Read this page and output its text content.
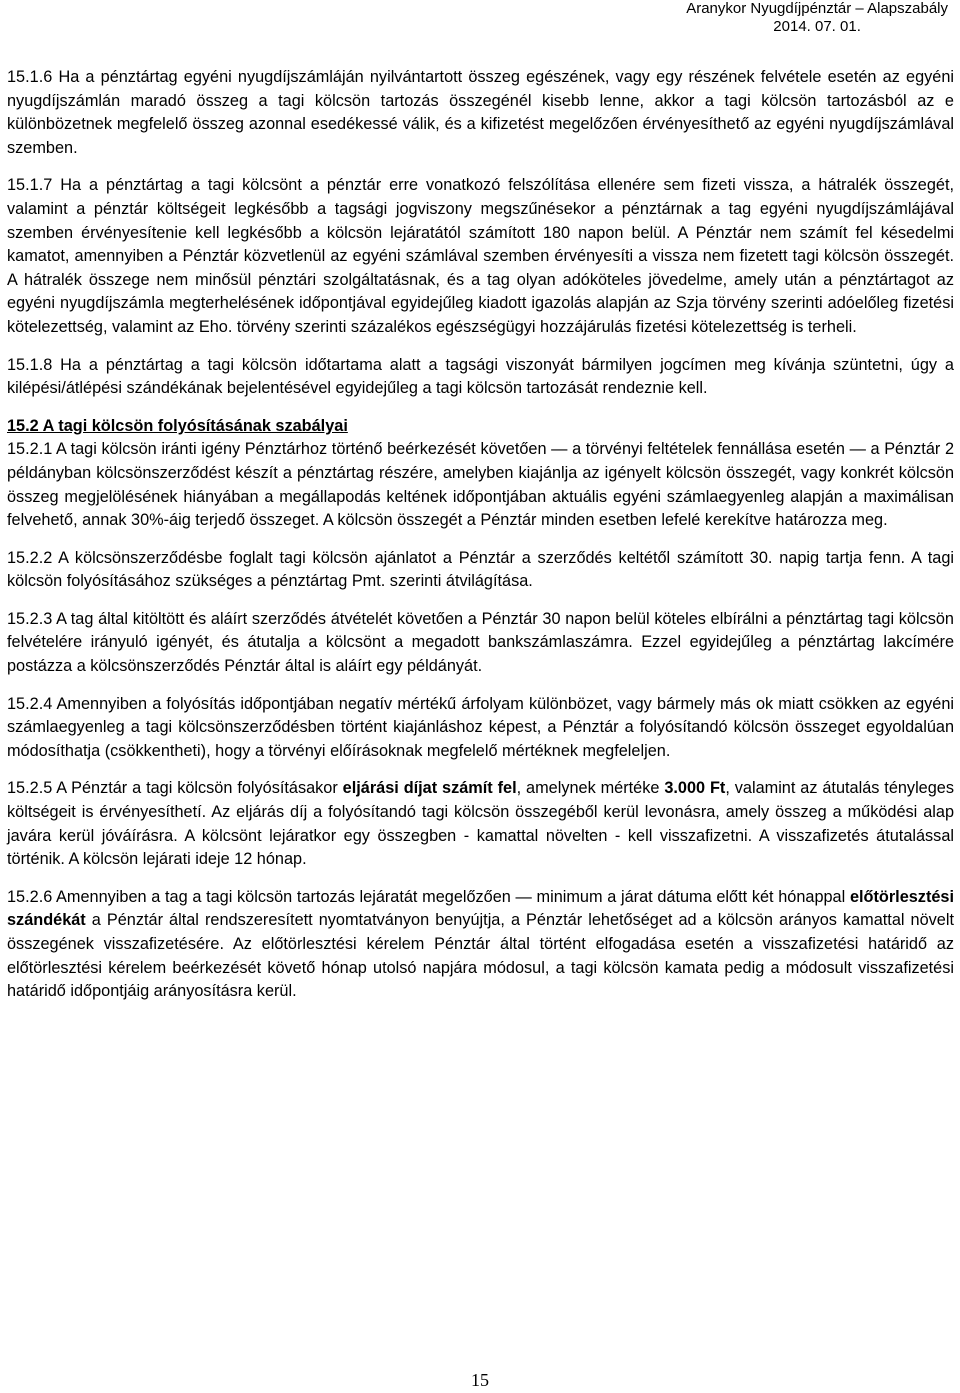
Aranykor Nyugdíjpénztár – Alapszabály
2014. 07. 01.

15.1.6 Ha a pénztártag egyéni nyugdíjszámláján nyilvántartott összeg egészének, vagy egy részének felvétele esetén az egyéni nyugdíjszámlán maradó összeg a tagi kölcsön tartozás összegénél kisebb lenne, akkor a tagi kölcsön tartozásból az e különbözetnek megfelelő összeg azonnal esedékessé válik, és a kifizetést megelőzően érvényesíthető az egyéni nyugdíjszámlával szemben.

15.1.7 Ha a pénztártag a tagi kölcsönt a pénztár erre vonatkozó felszólítása ellenére sem fizeti vissza, a hátralék összegét, valamint a pénztár költségeit legkésőbb a tagsági jogviszony megszűnésekor a pénztárnak a tag egyéni nyugdíjszámlájával szemben érvényesítenie kell legkésőbb a kölcsön lejáratától számított 180 napon belül. A Pénztár nem számít fel késedelmi kamatot, amennyiben a Pénztár közvetlenül az egyéni számlával szemben érvényesíti a vissza nem fizetett tagi kölcsön összegét. A hátralék összege nem minősül pénztári szolgáltatásnak, és a tag olyan adóköteles jövedelme, amely után a pénztártagot az egyéni nyugdíjszámla megterhelésének időpontjával egyidejűleg kiadott igazolás alapján az Szja törvény szerinti adóelőleg fizetési kötelezettség, valamint az Eho. törvény szerinti százalékos egészségügyi hozzájárulás fizetési kötelezettség is terheli.

15.1.8 Ha a pénztártag a tagi kölcsön időtartama alatt a tagsági viszonyát bármilyen jogcímen meg kívánja szüntetni, úgy a kilépési/átlépési szándékának bejelentésével egyidejűleg a tagi kölcsön tartozását rendeznie kell.

15.2 A tagi kölcsön folyósításának szabályai

15.2.1 A tagi kölcsön iránti igény Pénztárhoz történő beérkezését követően — a törvényi feltételek fennállása esetén — a Pénztár 2 példányban kölcsönszerződést készít a pénztártag részére, amelyben kiajánlja az igényelt kölcsön összegét, vagy konkrét kölcsön összeg megjelölésének hiányában a megállapodás keltének időpontjában aktuális egyéni számlaegyenleg alapján a maximálisan felvehető, annak 30%-áig terjedő összeget. A kölcsön összegét a Pénztár minden esetben lefelé kerekítve határozza meg.

15.2.2 A kölcsönszerződésbe foglalt tagi kölcsön ajánlatot a Pénztár a szerződés keltétől számított 30. napig tartja fenn. A tagi kölcsön folyósításához szükséges a pénztártag Pmt. szerinti átvilágítása.

15.2.3 A tag által kitöltött és aláírt szerződés átvételét követően a Pénztár 30 napon belül köteles elbírálni a pénztártag tagi kölcsön felvételére irányuló igényét, és átutalja a kölcsönt a megadott bankszámlaszámra. Ezzel egyidejűleg a pénztártag lakcímére postázza a kölcsönszerződés Pénztár által is aláírt egy példányát.

15.2.4 Amennyiben a folyósítás időpontjában negatív mértékű árfolyam különbözet, vagy bármely más ok miatt csökken az egyéni számlaegyenleg a tagi kölcsönszerződésben történt kiajánláshoz képest, a Pénztár a folyósítandó kölcsön összeget egyoldalúan módosíthatja (csökkentheti), hogy a törvényi előírásoknak megfelelő mértéknek megfeleljen.

15.2.5 A Pénztár a tagi kölcsön folyósításakor eljárási díjat számít fel, amelynek mértéke 3.000 Ft, valamint az átutalás tényleges költségeit is érvényesíthetí. Az eljárás díj a folyósítandó tagi kölcsön összegéből kerül levonásra, amely összeg a működési alap javára kerül jóváírásra. A kölcsönt lejáratkor egy összegben - kamattal növelten - kell visszafizetni. A visszafizetés átutalással történik. A kölcsön lejárati ideje 12 hónap.

15.2.6 Amennyiben a tag a tagi kölcsön tartozás lejáratát megelőzően — minimum a járat dátuma előtt két hónappal előtörlesztési szándékát a Pénztár által rendszeresített nyomtatványon benyújtja, a Pénztár lehetőséget ad a kölcsön arányos kamattal növelt összegének visszafizetésére. Az előtörlesztési kérelem Pénztár által történt elfogadása esetén a visszafizetési határidő az előtörlesztési kérelem beérkezését követő hónap utolsó napjára módosul, a tagi kölcsön kamata pedig a módosult visszafizetési határidő időpontjáig arányosításra kerül.

15
